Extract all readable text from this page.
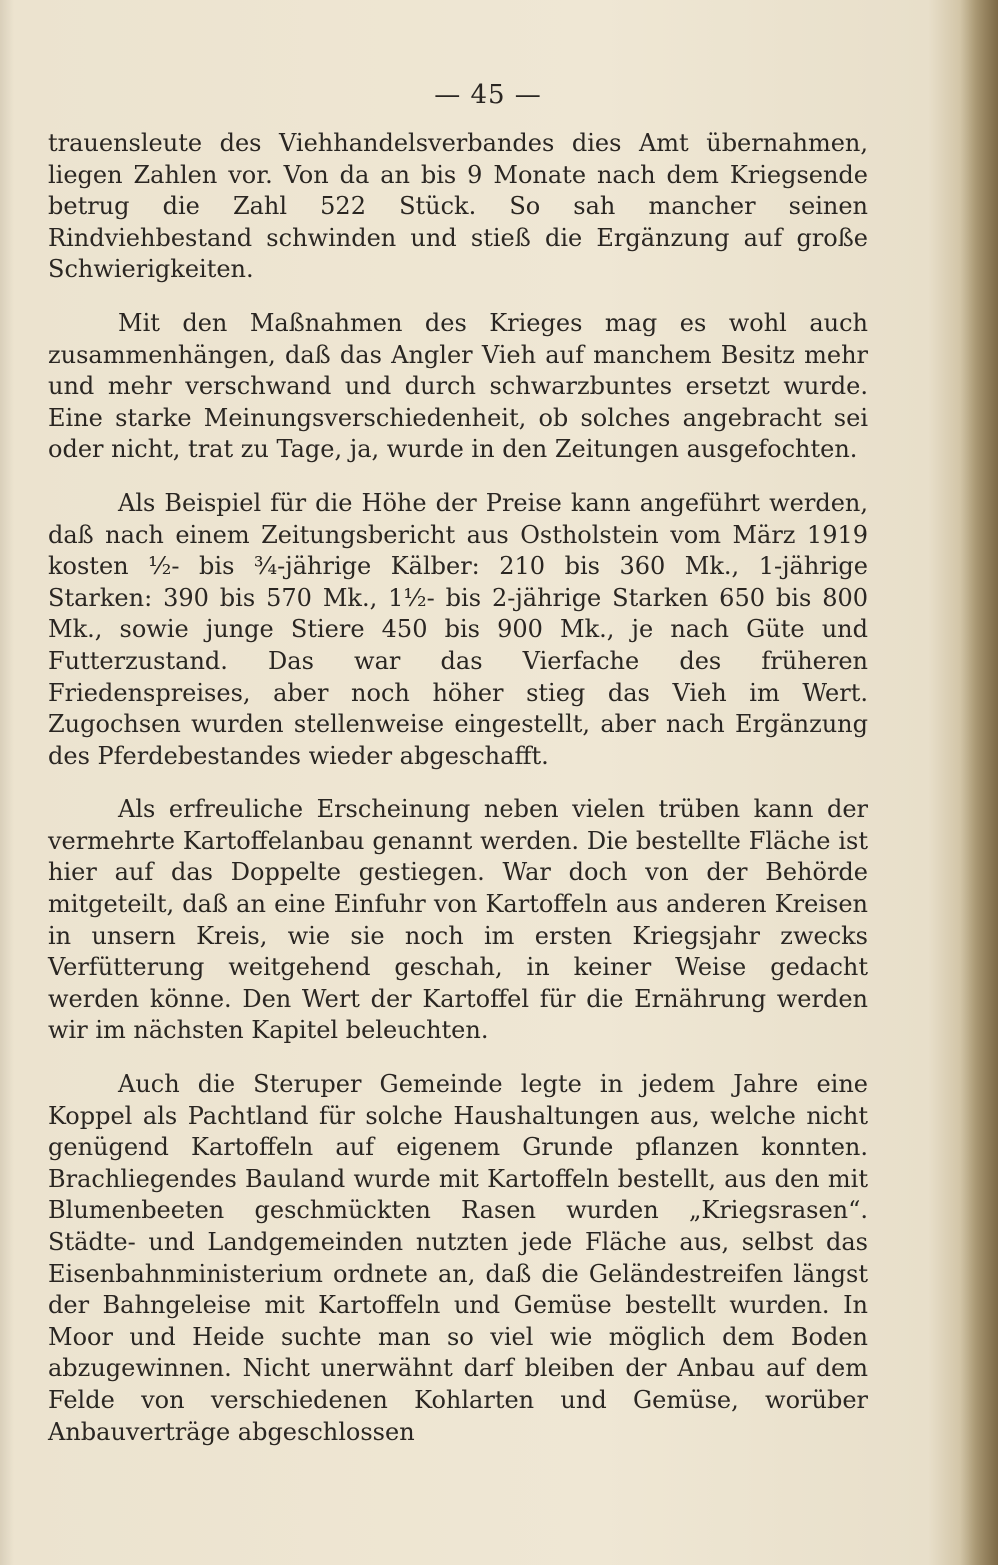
— 45 —

trauensleute des Viehhandelsverbandes dies Amt übernahmen, liegen Zahlen vor. Von da an bis 9 Monate nach dem Kriegsende betrug die Zahl 522 Stück. So sah mancher seinen Rindviehbestand schwinden und stieß die Ergänzung auf große Schwierigkeiten.

Mit den Maßnahmen des Krieges mag es wohl auch zusammenhängen, daß das Angler Vieh auf manchem Besitz mehr und mehr verschwand und durch schwarzbuntes ersetzt wurde. Eine starke Meinungsverschiedenheit, ob solches angebracht sei oder nicht, trat zu Tage, ja, wurde in den Zeitungen ausgefochten.

Als Beispiel für die Höhe der Preise kann angeführt werden, daß nach einem Zeitungsbericht aus Ostholstein vom März 1919 kosten ½- bis ¾-jährige Kälber: 210 bis 360 Mk., 1-jährige Starken: 390 bis 570 Mk., 1½- bis 2-jährige Starken 650 bis 800 Mk., sowie junge Stiere 450 bis 900 Mk., je nach Güte und Futterzustand. Das war das Vierfache des früheren Friedenspreises, aber noch höher stieg das Vieh im Wert. Zugochsen wurden stellenweise eingestellt, aber nach Ergänzung des Pferdebestandes wieder abgeschafft.

Als erfreuliche Erscheinung neben vielen trüben kann der vermehrte Kartoffelanbau genannt werden. Die bestellte Fläche ist hier auf das Doppelte gestiegen. War doch von der Behörde mitgeteilt, daß an eine Einfuhr von Kartoffeln aus anderen Kreisen in unsern Kreis, wie sie noch im ersten Kriegsjahr zwecks Verfütterung weitgehend geschah, in keiner Weise gedacht werden könne. Den Wert der Kartoffel für die Ernährung werden wir im nächsten Kapitel beleuchten.

Auch die Steruper Gemeinde legte in jedem Jahre eine Koppel als Pachtland für solche Haushaltungen aus, welche nicht genügend Kartoffeln auf eigenem Grunde pflanzen konnten. Brachliegendes Bauland wurde mit Kartoffeln bestellt, aus den mit Blumenbeeten geschmückten Rasen wurden „Kriegsrasen“. Städte- und Landgemeinden nutzten jede Fläche aus, selbst das Eisenbahnministerium ordnete an, daß die Geländestreifen längst der Bahngeleise mit Kartoffeln und Gemüse bestellt wurden. In Moor und Heide suchte man so viel wie möglich dem Boden abzugewinnen. Nicht unerwähnt darf bleiben der Anbau auf dem Felde von verschiedenen Kohlarten und Gemüse, worüber Anbauverträge abgeschlossen
